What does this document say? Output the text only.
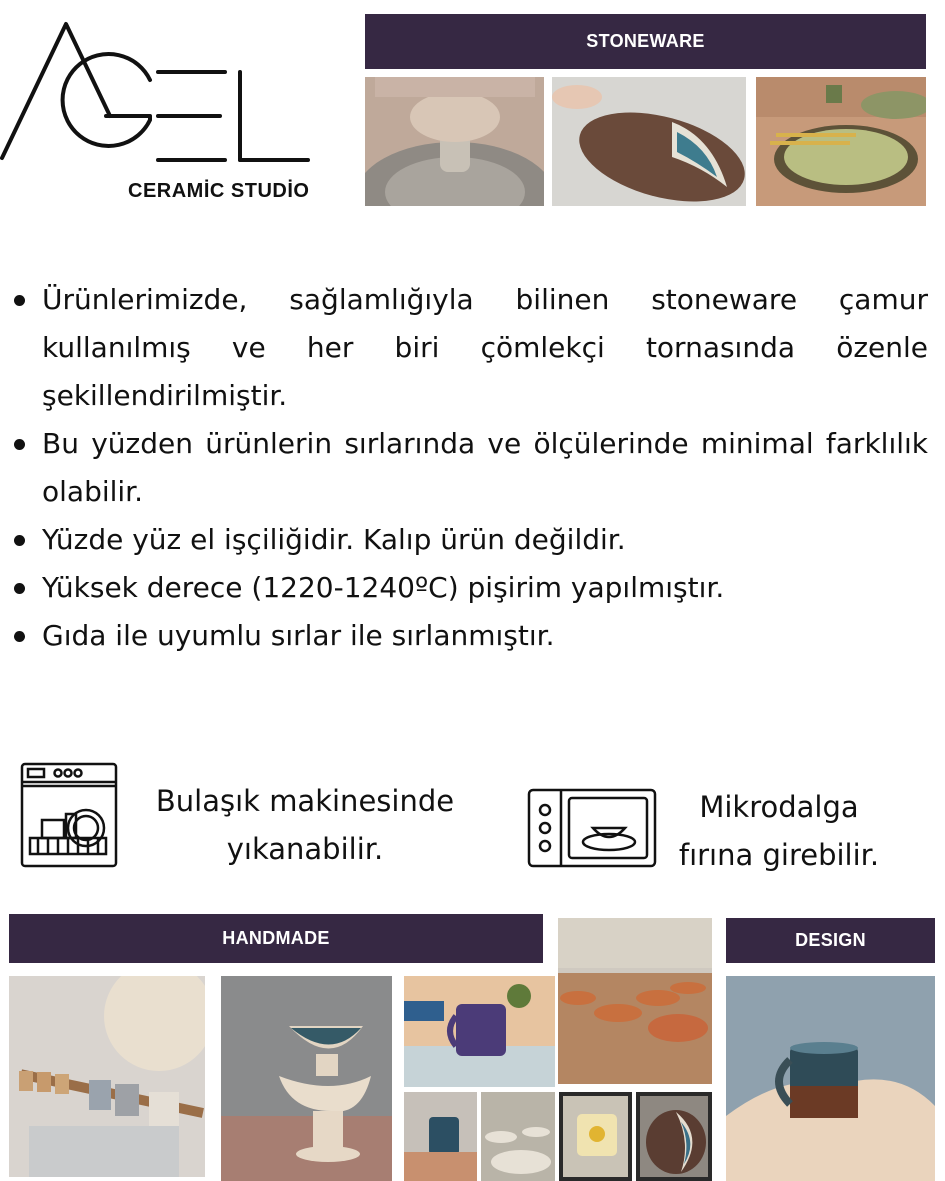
CERAMİC STUDİO
STONEWARE
Ürünlerimizde, sağlamlığıyla bilinen stoneware çamur kullanılmış ve her biri çömlekçi tornasında özenle şekillendirilmiştir.
Bu yüzden ürünlerin sırlarında ve ölçülerinde minimal farklılık olabilir.
Yüzde yüz el işçiliğidir. Kalıp ürün değildir.
Yüksek derece (1220-1240ºC) pişirim yapılmıştır.
Gıda ile uyumlu sırlar ile sırlanmıştır.
Bulaşık makinesinde
yıkanabilir.
Mikrodalga
fırına girebilir.
HANDMADE	DESIGN
